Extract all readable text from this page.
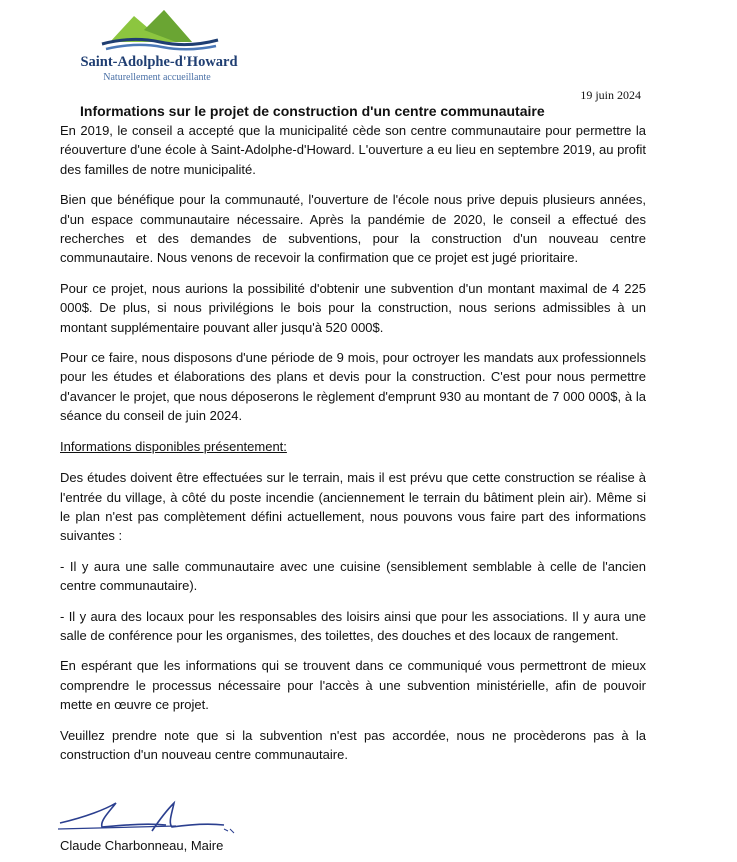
Saint-Adolphe-d'Howard
Naturellement accueillante
19 juin 2024
Informations sur le projet de construction d'un centre communautaire

En 2019, le conseil a accepté que la municipalité cède son centre communautaire pour permettre la réouverture d'une école à Saint-Adolphe-d'Howard. L'ouverture a eu lieu en septembre 2019, au profit des familles de notre municipalité.

Bien que bénéfique pour la communauté, l'ouverture de l'école nous prive depuis plusieurs années, d'un espace communautaire nécessaire. Après la pandémie de 2020, le conseil a effectué des recherches et des demandes de subventions, pour la construction d'un nouveau centre communautaire. Nous venons de recevoir la confirmation que ce projet est jugé prioritaire.

Pour ce projet, nous aurions la possibilité d'obtenir une subvention d'un montant maximal de 4 225 000$. De plus, si nous privilégions le bois pour la construction, nous serions admissibles à un montant supplémentaire pouvant aller jusqu'à 520 000$.

Pour ce faire, nous disposons d'une période de 9 mois, pour octroyer les mandats aux professionnels pour les études et élaborations des plans et devis pour la construction. C'est pour nous permettre d'avancer le projet, que nous déposerons le règlement d'emprunt 930 au montant de 7 000 000$, à la séance du conseil de juin 2024.

Informations disponibles présentement:

Des études doivent être effectuées sur le terrain, mais il est prévu que cette construction se réalise à l'entrée du village, à côté du poste incendie (anciennement le terrain du bâtiment plein air). Même si le plan n'est pas complètement défini actuellement, nous pouvons vous faire part des informations suivantes :

- Il y aura une salle communautaire avec une cuisine (sensiblement semblable à celle de l'ancien centre communautaire).

- Il y aura des locaux pour les responsables des loisirs ainsi que pour les associations. Il y aura une salle de conférence pour les organismes, des toilettes, des douches et des locaux de rangement.

En espérant que les informations qui se trouvent dans ce communiqué vous permettront de mieux comprendre le processus nécessaire pour l'accès à une subvention ministérielle, afin de pouvoir mette en œuvre ce projet.

Veuillez prendre note que si la subvention n'est pas accordée, nous ne procèderons pas à la construction d'un nouveau centre communautaire.

Claude Charbonneau, Maire
